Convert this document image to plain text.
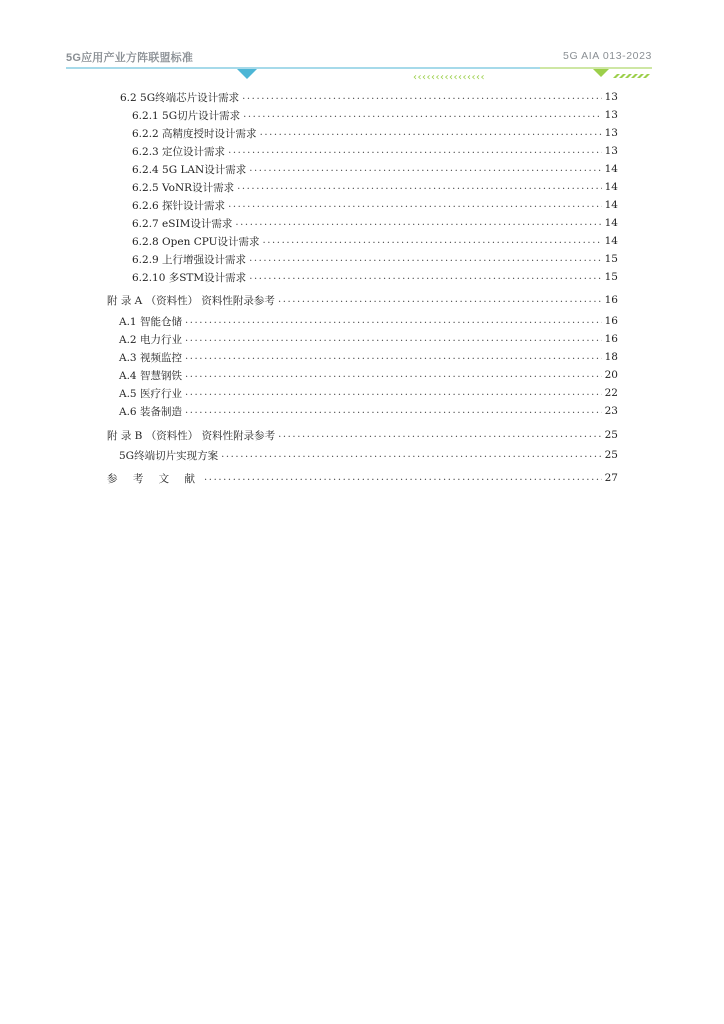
5G应用产业方阵联盟标准	5G AIA 013-2023
‹‹‹‹‹‹‹‹‹‹‹‹‹‹‹‹
6.2 5G终端芯片设计需求 .....	13
6.2.1 5G切片设计需求 .....	13
6.2.2 高精度授时设计需求 .....	13
6.2.3 定位设计需求 .....	13
6.2.4 5G LAN设计需求 .....	14
6.2.5 VoNR设计需求 .....	14
6.2.6 探针设计需求 .....	14
6.2.7 eSIM设计需求 .....	14
6.2.8 Open CPU设计需求 .....	14
6.2.9 上行增强设计需求 .....	15
6.2.10 多STM设计需求 .....	15
附 录 A （资料性） 资料性附录参考 .....	16
A.1 智能仓储 .....	16
A.2 电力行业 .....	16
A.3 视频监控 .....	18
A.4 智慧钢铁 .....	20
A.5 医疗行业 .....	22
A.6 装备制造 .....	23
附 录 B （资料性） 资料性附录参考 .....	25
5G终端切片实现方案 .....	25
参 考 文 献 .....	27
